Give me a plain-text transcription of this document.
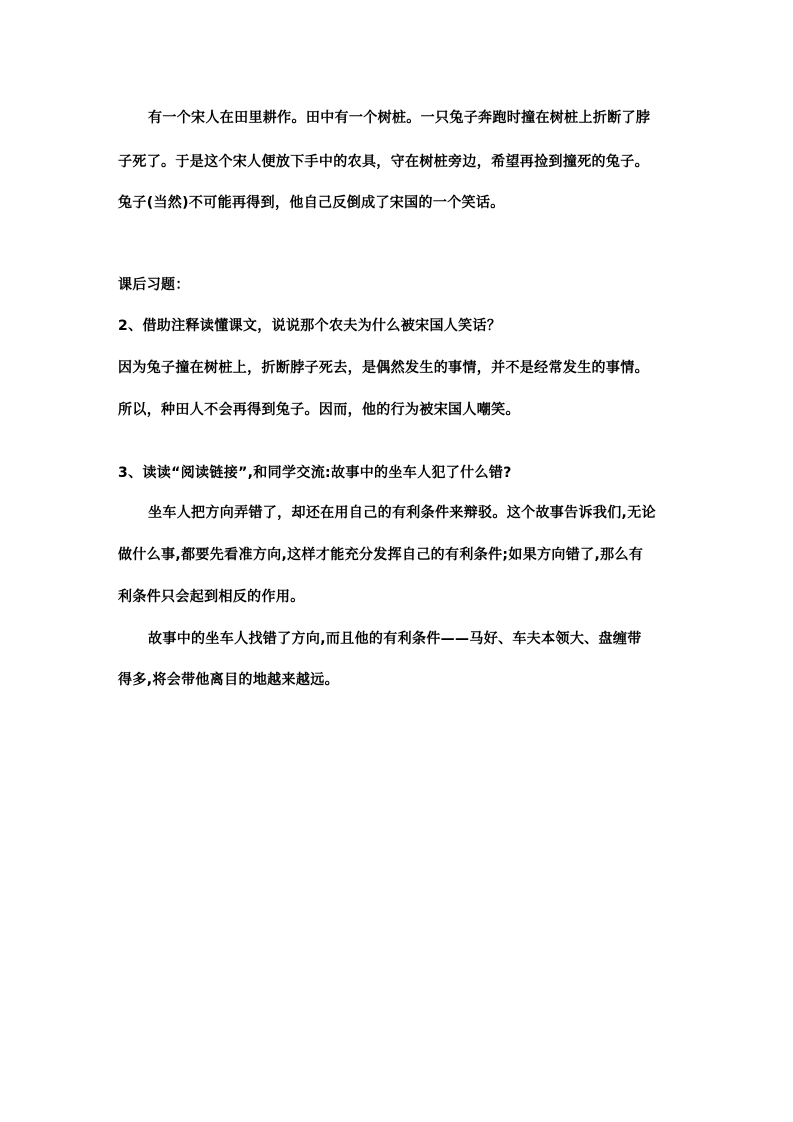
有一个宋人在田里耕作。田中有一个树桩。一只兔子奔跑时撞在树桩上折断了脖
子死了。于是这个宋人便放下手中的农具，守在树桩旁边，希望再捡到撞死的兔子。
兔子(当然)不可能再得到，他自己反倒成了宋国的一个笑话。
课后习题：
2、借助注释读懂课文，说说那个农夫为什么被宋国人笑话？
因为兔子撞在树桩上，折断脖子死去，是偶然发生的事情，并不是经常发生的事情。
所以，种田人不会再得到兔子。因而，他的行为被宋国人嘲笑。
3、读读“阅读链接”,和同学交流:故事中的坐车人犯了什么错?
坐车人把方向弄错了，却还在用自己的有利条件来辩驳。这个故事告诉我们,无论
做什么事,都要先看准方向,这样才能充分发挥自己的有利条件;如果方向错了,那么有
利条件只会起到相反的作用。
故事中的坐车人找错了方向,而且他的有利条件——马好、车夫本领大、盘缠带
得多,将会带他离目的地越来越远。
